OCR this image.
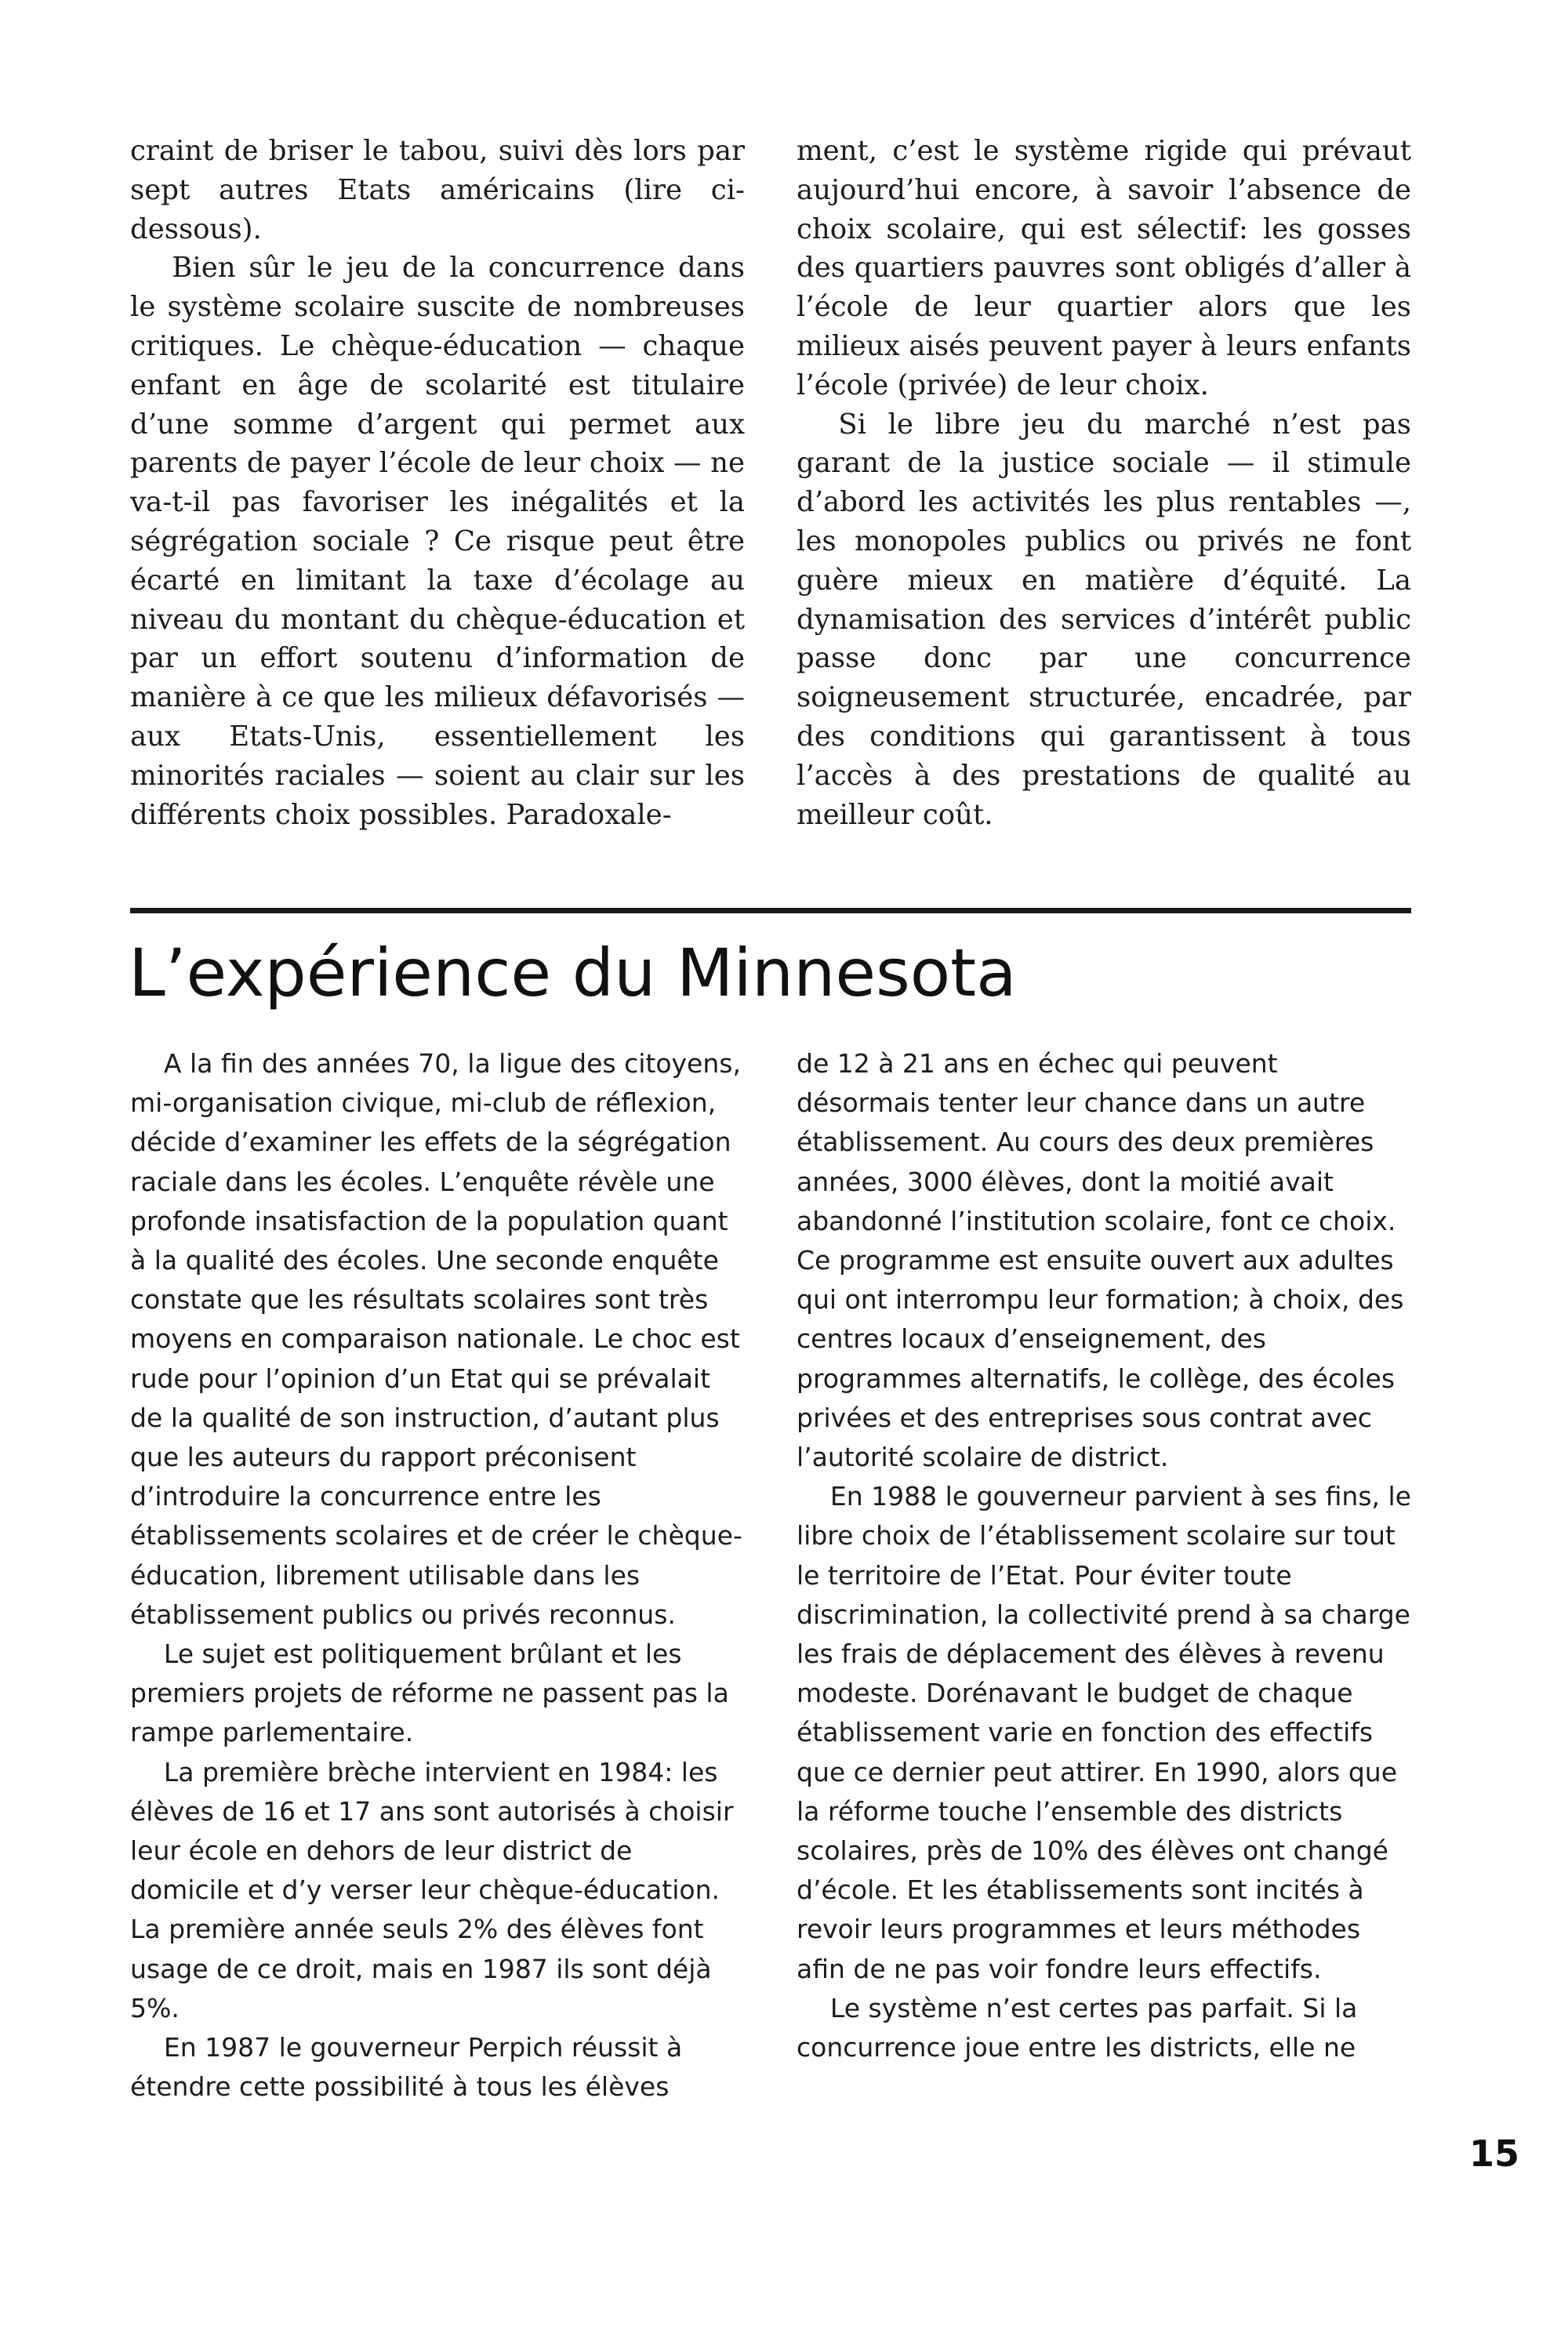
craint de briser le tabou, suivi dès lors par sept autres Etats américains (lire ci-dessous).

Bien sûr le jeu de la concurrence dans le système scolaire suscite de nombreuses critiques. Le chèque-éducation — chaque enfant en âge de scolarité est titulaire d’une somme d’argent qui permet aux parents de payer l’école de leur choix — ne va-t-il pas favoriser les inégalités et la ségrégation sociale ? Ce risque peut être écarté en limitant la taxe d’écolage au niveau du montant du chèque-éducation et par un effort soutenu d’information de manière à ce que les milieux défavorisés — aux Etats-Unis, essentiellement les minorités raciales — soient au clair sur les différents choix possibles. Paradoxale-

ment, c’est le système rigide qui prévaut aujourd’hui encore, à savoir l’absence de choix scolaire, qui est sélectif: les gosses des quartiers pauvres sont obligés d’aller à l’école de leur quartier alors que les milieux aisés peuvent payer à leurs enfants l’école (privée) de leur choix.

Si le libre jeu du marché n’est pas garant de la justice sociale — il stimule d’abord les activités les plus rentables —, les monopoles publics ou privés ne font guère mieux en matière d’équité. La dynamisation des services d’intérêt public passe donc par une concurrence soigneusement structurée, encadrée, par des conditions qui garantissent à tous l’accès à des prestations de qualité au meilleur coût.

L’expérience du Minnesota

A la fin des années 70, la ligue des citoyens, mi-organisation civique, mi-club de réflexion, décide d’examiner les effets de la ségrégation raciale dans les écoles. L’enquête révèle une profonde insatisfaction de la population quant à la qualité des écoles. Une seconde enquête constate que les résultats scolaires sont très moyens en comparaison nationale. Le choc est rude pour l’opinion d’un Etat qui se prévalait de la qualité de son instruction, d’autant plus que les auteurs du rapport préconisent d’introduire la concurrence entre les établissements scolaires et de créer le chèque-éducation, librement utilisable dans les établissement publics ou privés reconnus.

Le sujet est politiquement brûlant et les premiers projets de réforme ne passent pas la rampe parlementaire.

La première brèche intervient en 1984: les élèves de 16 et 17 ans sont autorisés à choisir leur école en dehors de leur district de domicile et d’y verser leur chèque-éducation. La première année seuls 2% des élèves font usage de ce droit, mais en 1987 ils sont déjà 5%.

En 1987 le gouverneur Perpich réussit à étendre cette possibilité à tous les élèves

de 12 à 21 ans en échec qui peuvent désormais tenter leur chance dans un autre établissement. Au cours des deux premières années, 3000 élèves, dont la moitié avait abandonné l’institution scolaire, font ce choix. Ce programme est ensuite ouvert aux adultes qui ont interrompu leur formation; à choix, des centres locaux d’enseignement, des programmes alternatifs, le collège, des écoles privées et des entreprises sous contrat avec l’autorité scolaire de district.

En 1988 le gouverneur parvient à ses fins, le libre choix de l’établissement scolaire sur tout le territoire de l’Etat. Pour éviter toute discrimination, la collectivité prend à sa charge les frais de déplacement des élèves à revenu modeste. Dorénavant le budget de chaque établissement varie en fonction des effectifs que ce dernier peut attirer. En 1990, alors que la réforme touche l’ensemble des districts scolaires, près de 10% des élèves ont changé d’école. Et les établissements sont incités à revoir leurs programmes et leurs méthodes afin de ne pas voir fondre leurs effectifs.

Le système n’est certes pas parfait. Si la concurrence joue entre les districts, elle ne

15
